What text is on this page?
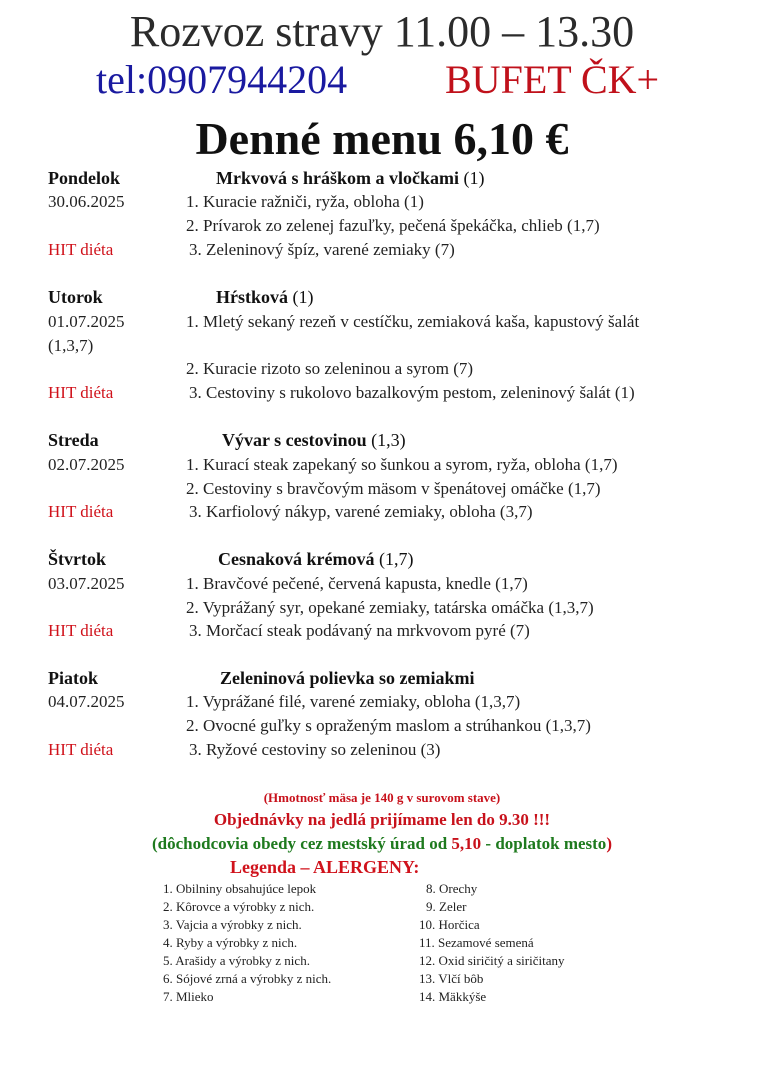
Rozvoz stravy 11.00 – 13.30
tel:0907944204 BUFET ČK+
Denné menu 6,10 €
Pondelok	Mrkvová s hráškom a vločkami (1)
30.06.2025	1. Kuracie ražniči, ryža, obloha (1)
2. Prívarok zo zelenej fazuľky, pečená špekáčka, chlieb (1,7)
HIT diéta	3. Zeleninový špíz, varené zemiaky (7)
Utorok	Hŕstková (1)
01.07.2025	1. Mletý sekaný rezeň v cestíčku, zemiaková kaša, kapustový šalát
(1,3,7)
2. Kuracie rizoto so zeleninou a syrom (7)
HIT diéta	3. Cestoviny s rukolovo bazalkovým pestom, zeleninový šalát (1)
Streda	Vývar s cestovinou (1,3)
02.07.2025	1. Kurací steak zapekaný so šunkou a syrom, ryža, obloha (1,7)
2. Cestoviny s bravčovým mäsom v špenátovej omáčke (1,7)
HIT diéta	3. Karfiolový nákyp, varené zemiaky, obloha (3,7)
Štvrtok	Cesnaková krémová (1,7)
03.07.2025	1. Bravčové pečené, červená kapusta, knedle (1,7)
2. Vyprážaný syr, opekané zemiaky, tatárska omáčka (1,3,7)
HIT diéta	3. Morčací steak podávaný na mrkvovom pyré (7)
Piatok	Zeleninová polievka so zemiakmi
04.07.2025	1. Vyprážané filé, varené zemiaky, obloha (1,3,7)
2. Ovocné guľky s opraženým maslom a strúhankou (1,3,7)
HIT diéta	3. Ryžové cestoviny so zeleninou (3)
(Hmotnosť mäsa je 140 g v surovom stave)
Objednávky na jedlá prijímame len do 9.30 !!!
(dôchodcovia obedy cez mestský úrad od 5,10 - doplatok mesto)
Legenda – ALERGENY:
1. Obilniny obsahujúce lepok
2. Kôrovce a výrobky z nich.
3. Vajcia a výrobky z nich.
4. Ryby a výrobky z nich.
5. Arašidy a výrobky z nich.
6. Sójové zrná a výrobky z nich.
7. Mlieko
8. Orechy
9. Zeler
10. Horčica
11. Sezamové semená
12. Oxid siričitý a siričitany
13. Vlčí bôb
14. Mäkkýše
